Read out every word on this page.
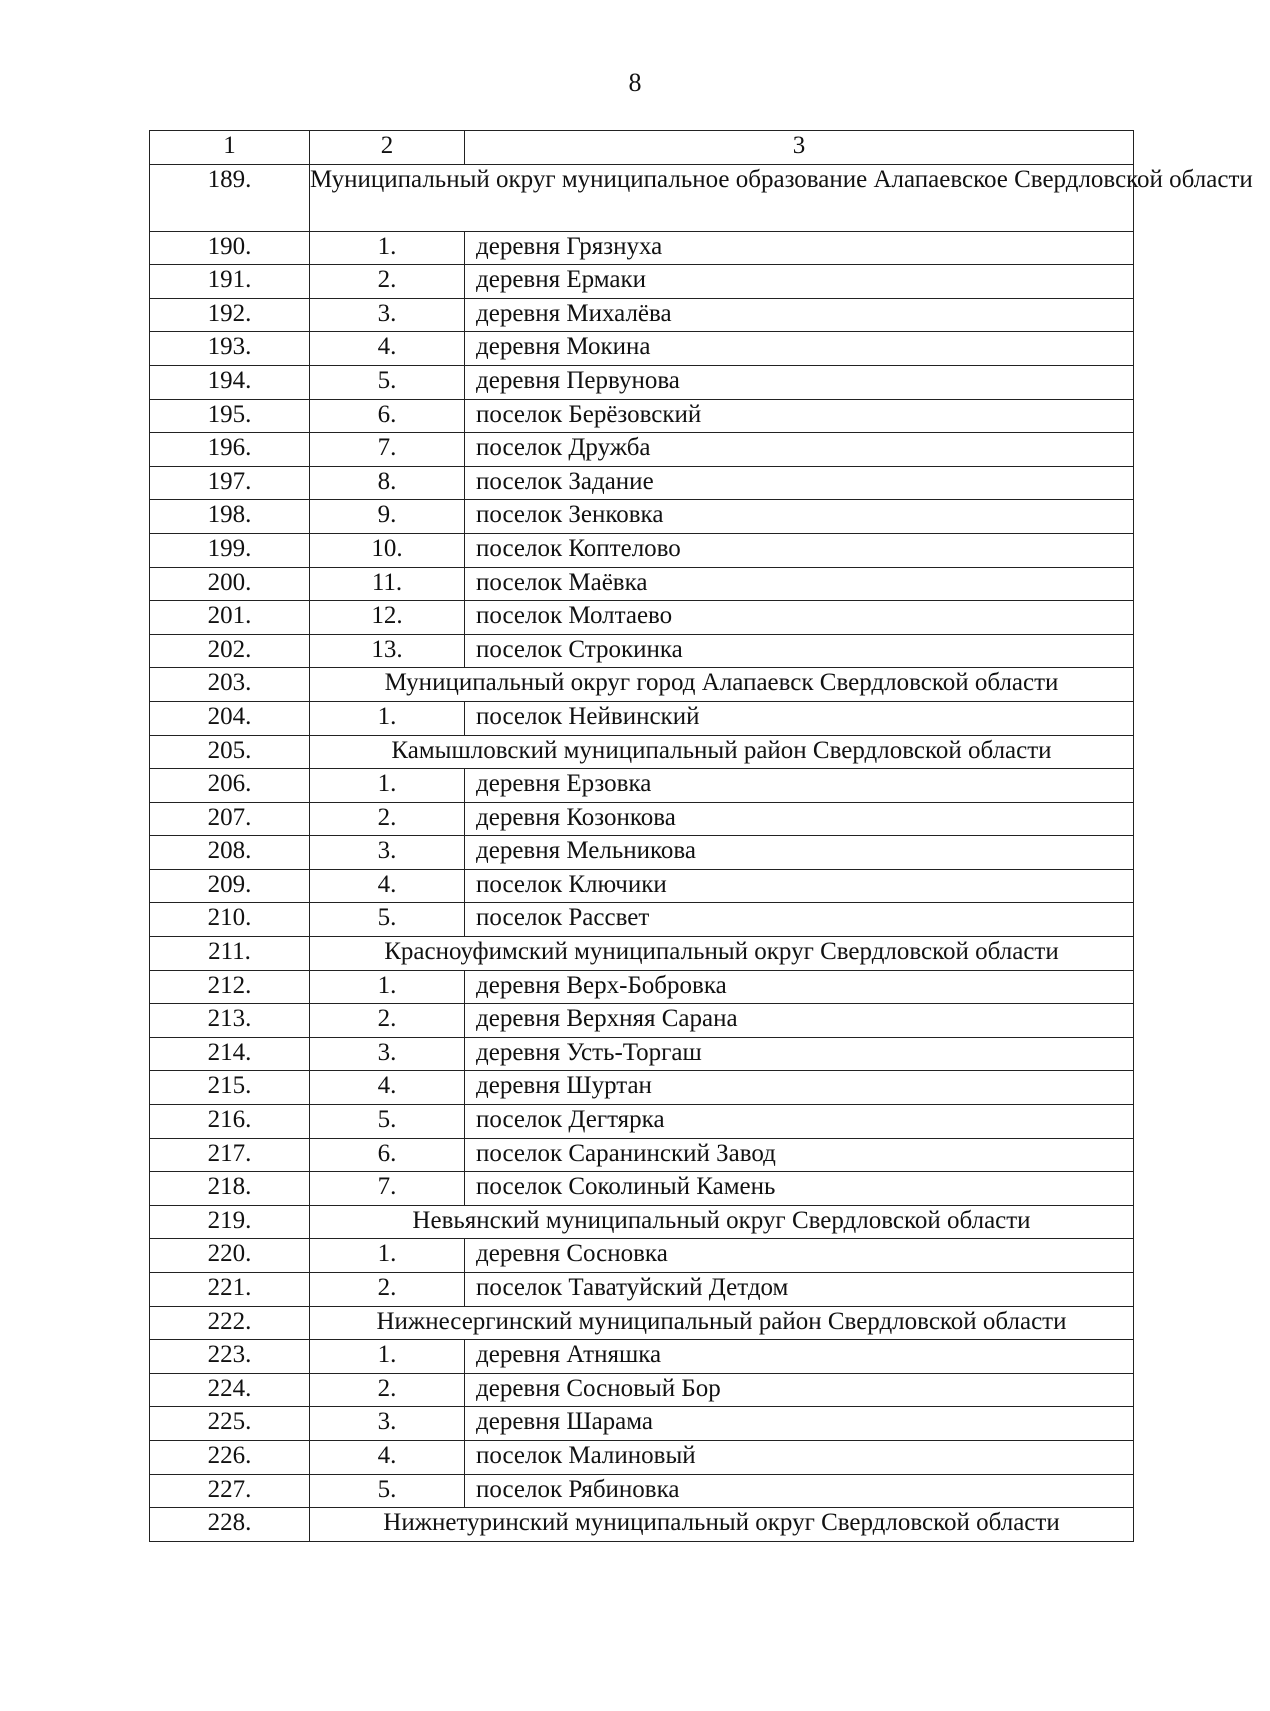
8
1	2	3
189.	Муниципальный округ муниципальное образование Алапаевское Свердловской области	
190.	1.	деревня Грязнуха
191.	2.	деревня Ермаки
192.	3.	деревня Михалёва
193.	4.	деревня Мокина
194.	5.	деревня Первунова
195.	6.	поселок Берёзовский
196.	7.	поселок Дружба
197.	8.	поселок Задание
198.	9.	поселок Зенковка
199.	10.	поселок Коптелово
200.	11.	поселок Маёвка
201.	12.	поселок Молтаево
202.	13.	поселок Строкинка
203.	Муниципальный округ город Алапаевск Свердловской области	
204.	1.	поселок Нейвинский
205.	Камышловский муниципальный район Свердловской области	
206.	1.	деревня Ерзовка
207.	2.	деревня Козонкова
208.	3.	деревня Мельникова
209.	4.	поселок Ключики
210.	5.	поселок Рассвет
211.	Красноуфимский муниципальный округ Свердловской области	
212.	1.	деревня Верх-Бобровка
213.	2.	деревня Верхняя Сарана
214.	3.	деревня Усть-Торгаш
215.	4.	деревня Шуртан
216.	5.	поселок Дегтярка
217.	6.	поселок Саранинский Завод
218.	7.	поселок Соколиный Камень
219.	Невьянский муниципальный округ Свердловской области	
220.	1.	деревня Сосновка
221.	2.	поселок Таватуйский Детдом
222.	Нижнесергинский муниципальный район Свердловской области	
223.	1.	деревня Атняшка
224.	2.	деревня Сосновый Бор
225.	3.	деревня Шарама
226.	4.	поселок Малиновый
227.	5.	поселок Рябиновка
228.	Нижнетуринский муниципальный округ Свердловской области	
